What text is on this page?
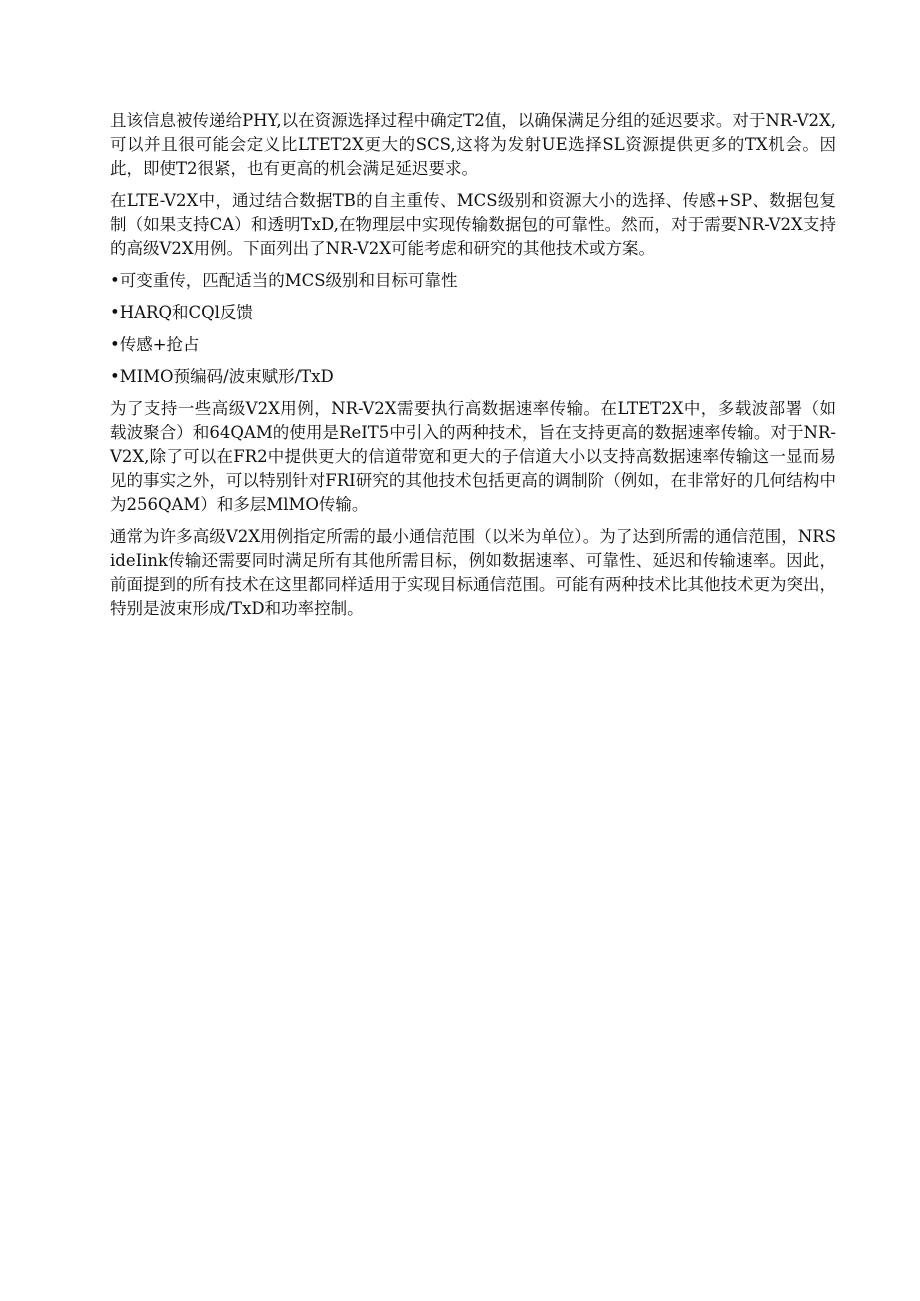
且该信息被传递给PHY,以在资源选择过程中确定T2值，以确保满足分组的延迟要求。对于NR-V2X,可以并且很可能会定义比LTET2X更大的SCS,这将为发射UE选择SL资源提供更多的TX机会。因此，即使T2很紧，也有更高的机会满足延迟要求。

在LTE-V2X中，通过结合数据TB的自主重传、MCS级别和资源大小的选择、传感+SP、数据包复制（如果支持CA）和透明TxD,在物理层中实现传输数据包的可靠性。然而，对于需要NR-V2X支持的高级V2X用例。下面列出了NR-V2X可能考虑和研究的其他技术或方案。

•可变重传，匹配适当的MCS级别和目标可靠性

•HARQ和CQl反馈

•传感+抢占

•MIMO预编码/波束赋形/TxD

为了支持一些高级V2X用例，NR-V2X需要执行高数据速率传输。在LTET2X中，多载波部署（如载波聚合）和64QAM的使用是ReIT5中引入的两种技术，旨在支持更高的数据速率传输。对于NR-V2X,除了可以在FR2中提供更大的信道带宽和更大的子信道大小以支持高数据速率传输这一显而易见的事实之外，可以特别针对FRI研究的其他技术包括更高的调制阶（例如，在非常好的几何结构中为256QAM）和多层MlMO传输。

通常为许多高级V2X用例指定所需的最小通信范围（以米为单位）。为了达到所需的通信范围，NRSideIink传输还需要同时满足所有其他所需目标，例如数据速率、可靠性、延迟和传输速率。因此，前面提到的所有技术在这里都同样适用于实现目标通信范围。可能有两种技术比其他技术更为突出，特别是波束形成/TxD和功率控制。
